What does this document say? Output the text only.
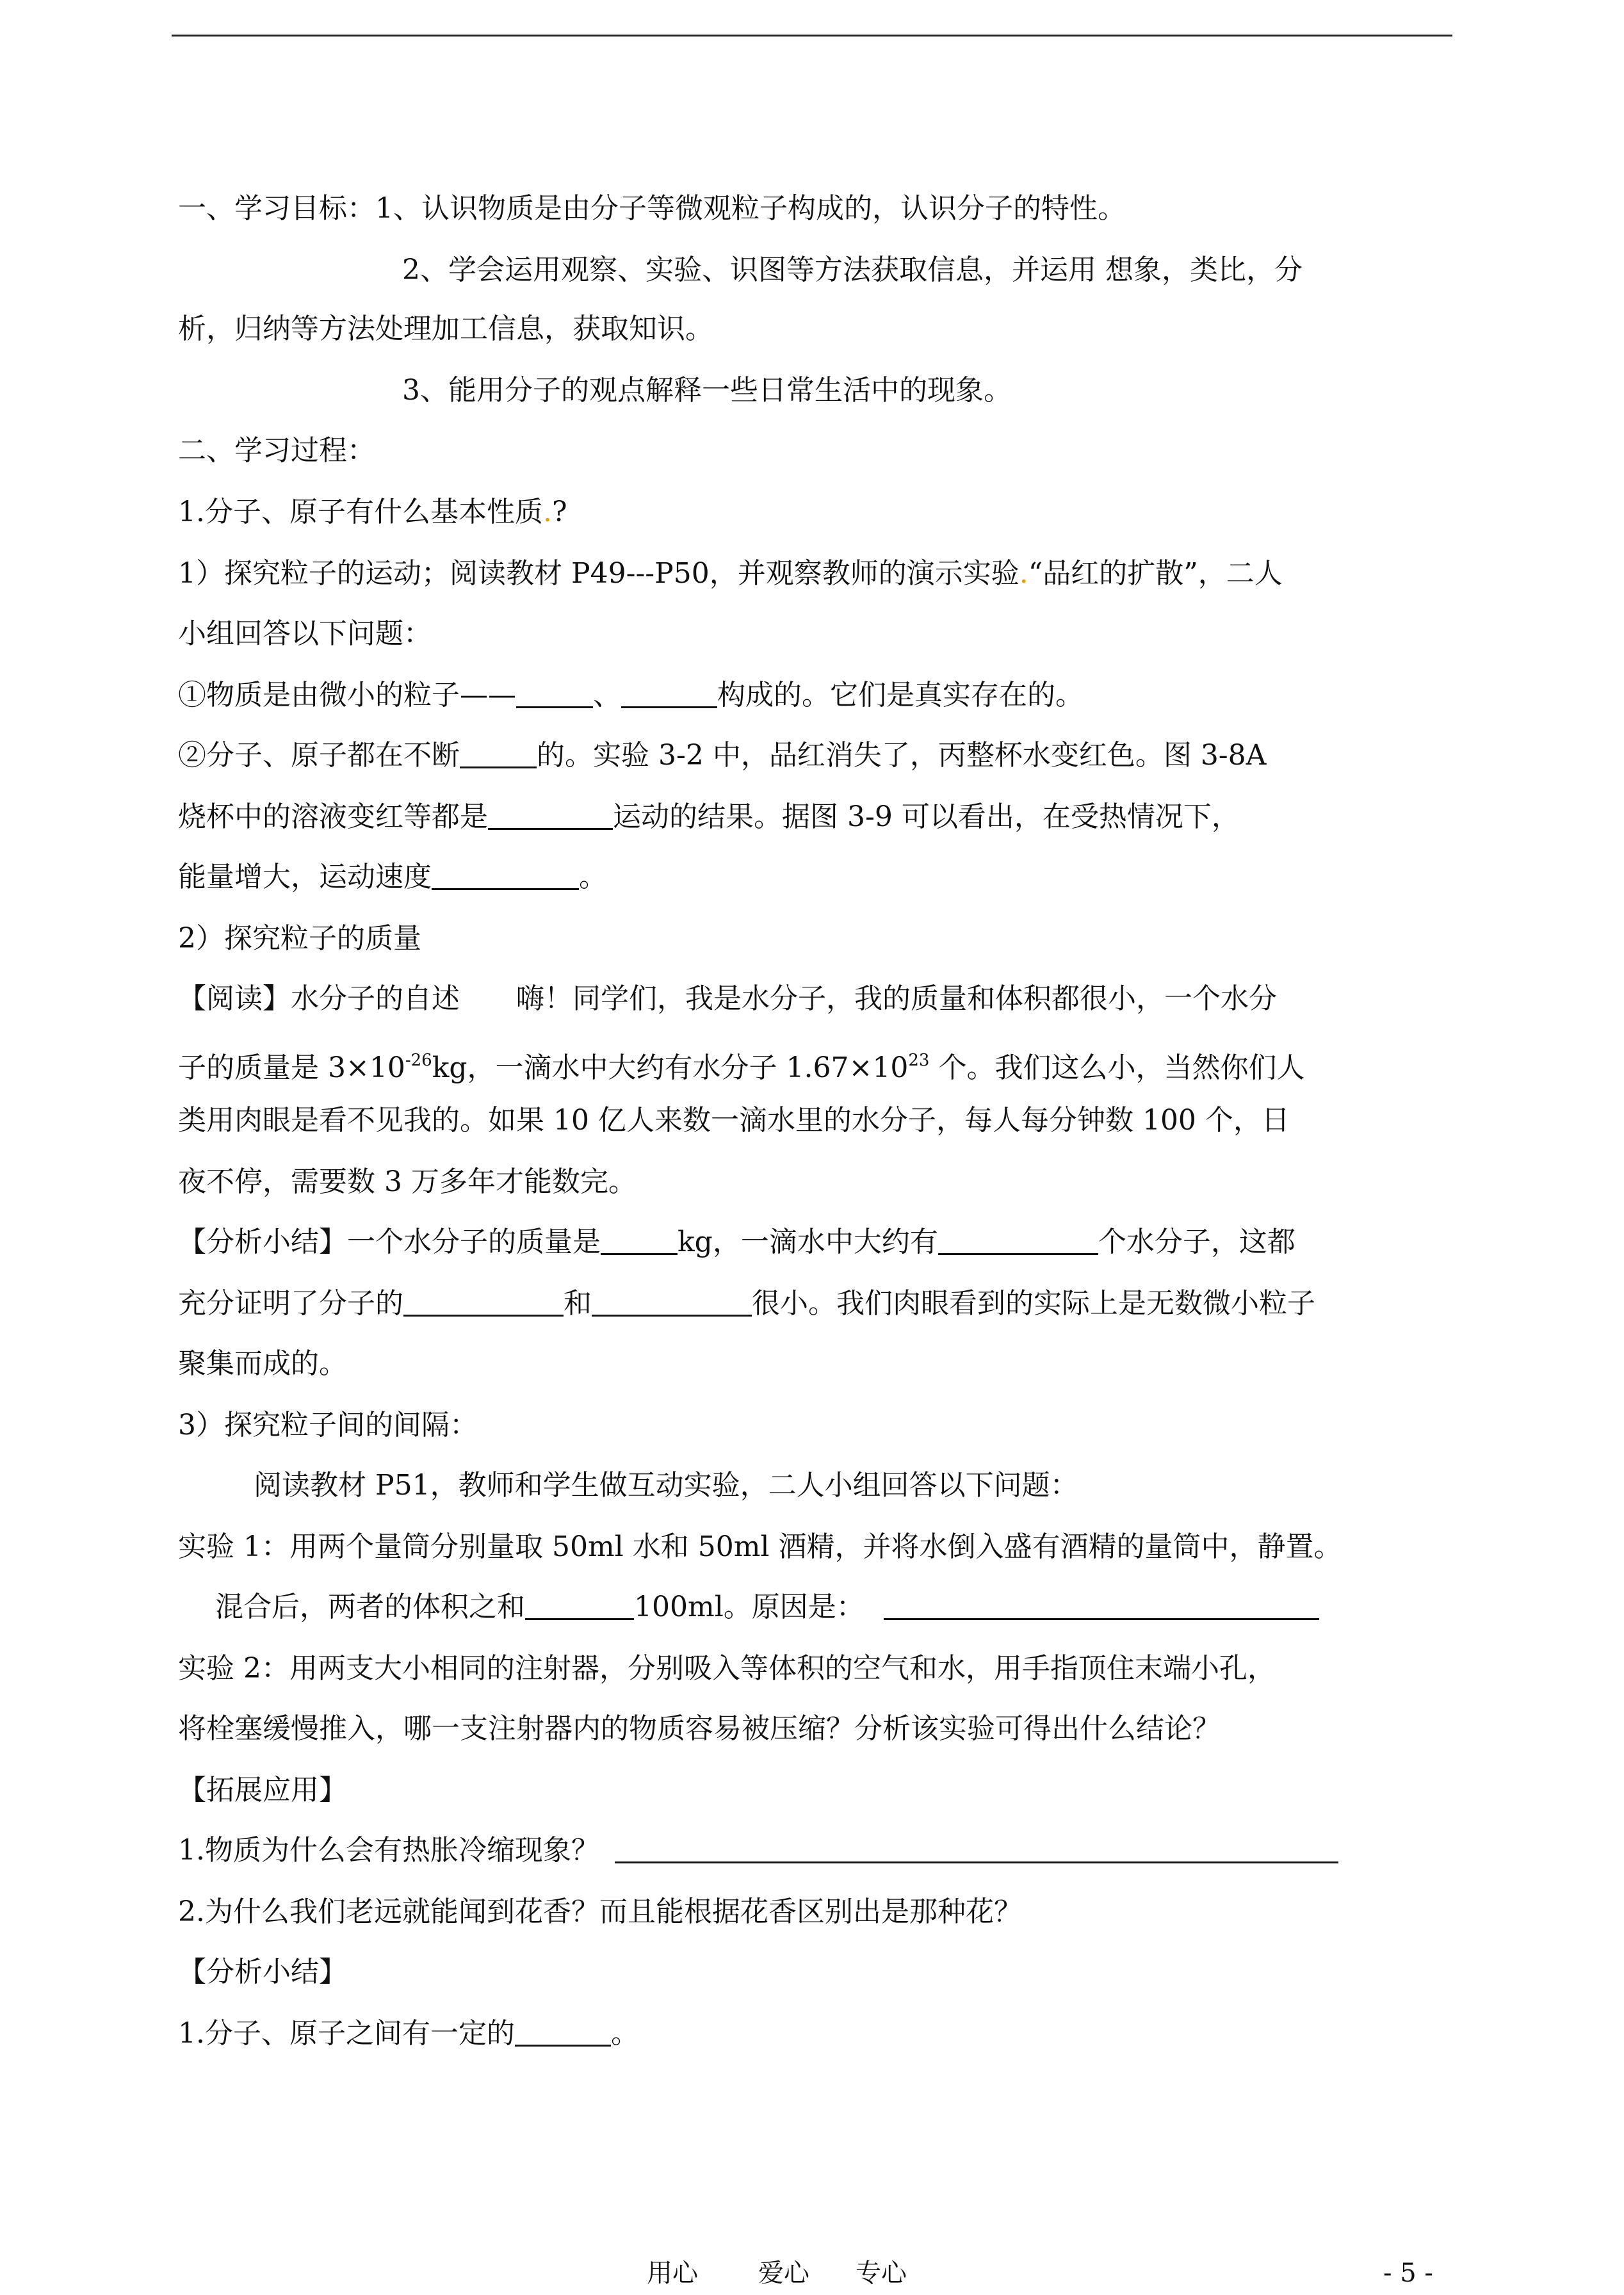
一、学习目标：1、认识物质是由分子等微观粒子构成的，认识分子的特性。
2、学会运用观察、实验、识图等方法获取信息，并运用 想象，类比，分
析，归纳等方法处理加工信息，获取知识。
3、能用分子的观点解释一些日常生活中的现象。
二、学习过程：
1.分子、原子有什么基本性质.?
1）探究粒子的运动；阅读教材 P49---P50，并观察教师的演示实验.“品红的扩散”，二人
小组回答以下问题：
①物质是由微小的粒子——	、	构成的。它们是真实存在的。
②分子、原子都在不断	的。实验 3-2 中，品红消失了，丙整杯水变红色。图 3-8A
烧杯中的溶液变红等都是	运动的结果。据图 3-9 可以看出，在受热情况下，
能量增大，运动速度	。
2）探究粒子的质量
【阅读】水分子的自述　　嗨！同学们，我是水分子，我的质量和体积都很小，一个水分
子的质量是 $3\times 10^{-26}kg$，一滴水中大约有水分子 $1.67\times 10^{23}$ 个。我们这么小，当然你们人
类用肉眼是看不见我的。如果 10 亿人来数一滴水里的水分子，每人每分钟数 100 个，日
夜不停，需要数 3 万多年才能数完。
【分析小结】一个水分子的质量是	kg，一滴水中大约有	个水分子，这都
充分证明了分子的	和	很小。我们肉眼看到的实际上是无数微小粒子
聚集而成的。
3）探究粒子间的间隔：
阅读教材 P51，教师和学生做互动实验，二人小组回答以下问题：
实验 1：用两个量筒分别量取 50ml 水和 50ml 酒精，并将水倒入盛有酒精的量筒中，静置。
混合后，两者的体积之和	100ml。原因是：
实验 2：用两支大小相同的注射器，分别吸入等体积的空气和水，用手指顶住末端小孔，
将栓塞缓慢推入，哪一支注射器内的物质容易被压缩？分析该实验可得出什么结论？
【拓展应用】
1.物质为什么会有热胀冷缩现象？
2.为什么我们老远就能闻到花香？而且能根据花香区别出是那种花？
【分析小结】
1.分子、原子之间有一定的	。
用心 爱心 专心	- 5 -
